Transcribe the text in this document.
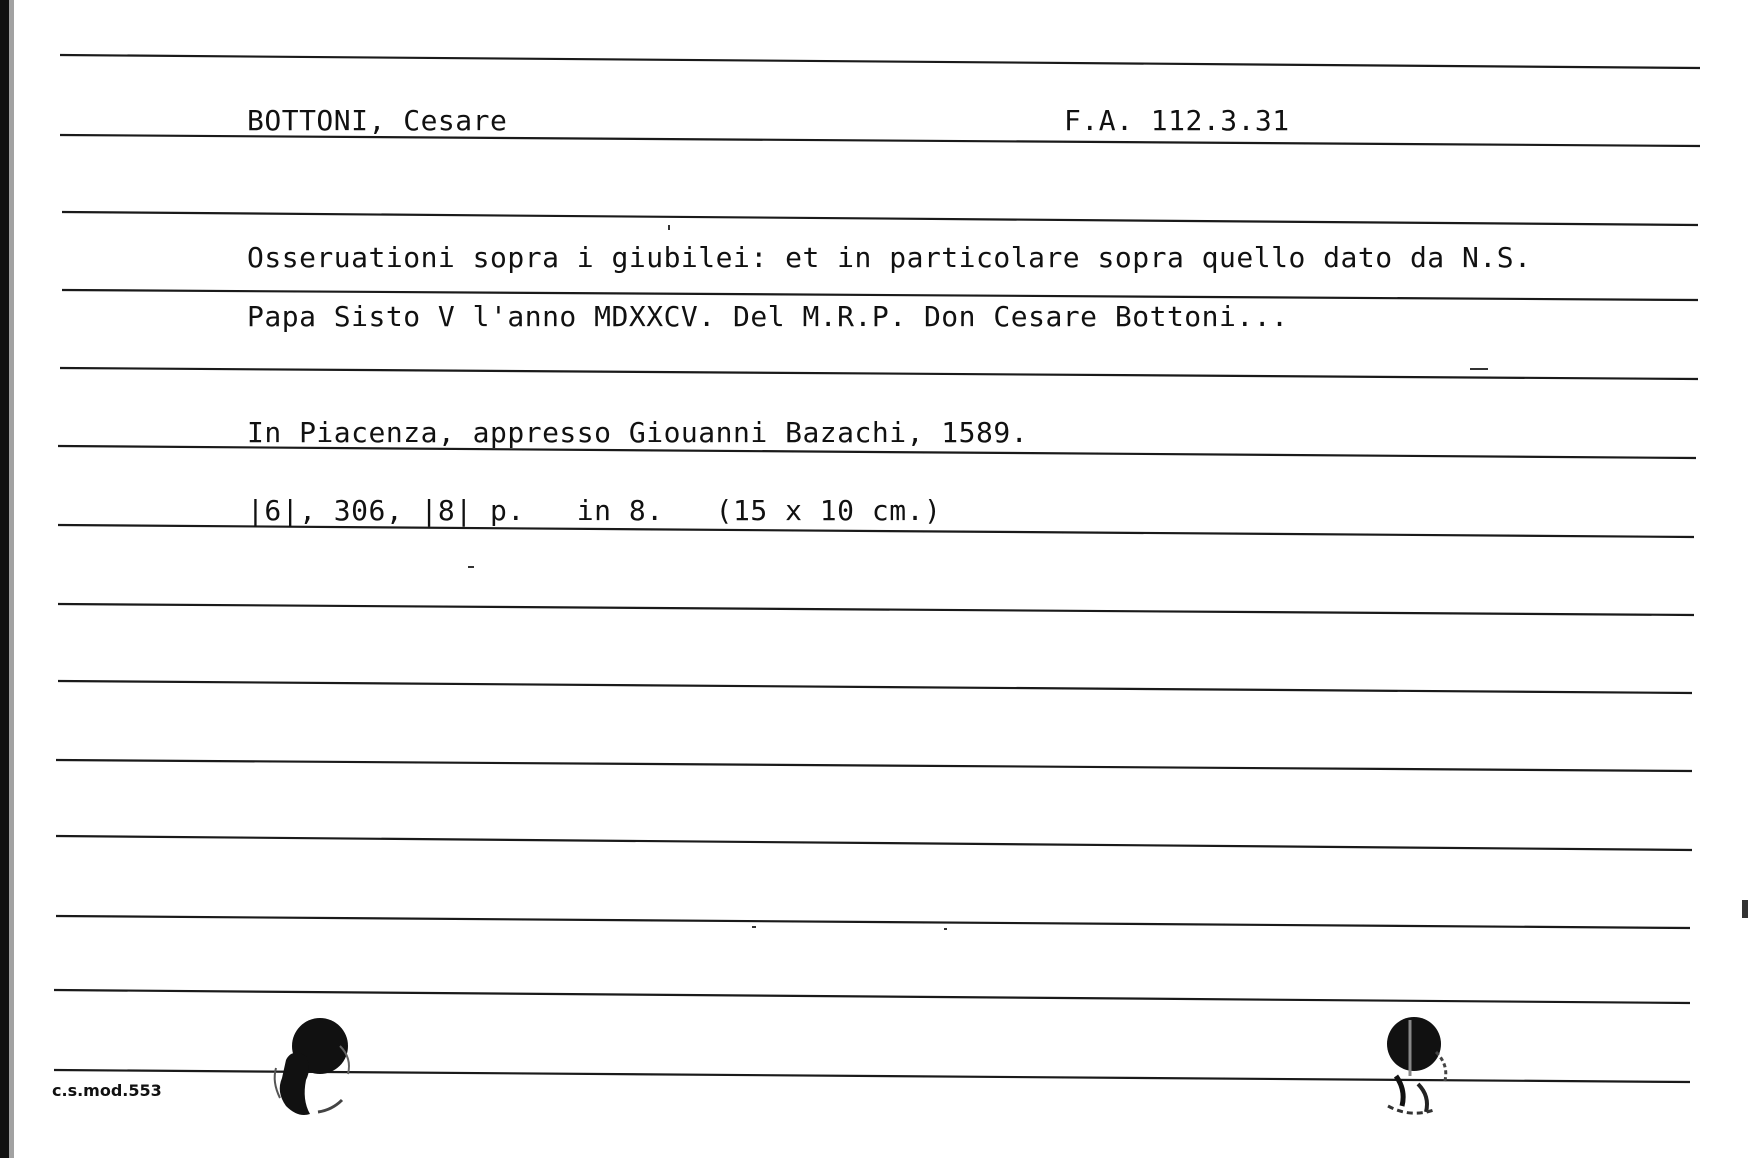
BOTTONI, Cesare	F.A. 112.3.31
Osseruationi sopra i giubilei: et in particolare sopra quello dato da N.S.
Papa Sisto V l'anno MDXXCV. Del M.R.P. Don Cesare Bottoni...
In Piacenza, appresso Giouanni Bazachi, 1589.
|6|, 306, |8| p.   in 8.   (15 x 10 cm.)
c.s.mod.553
